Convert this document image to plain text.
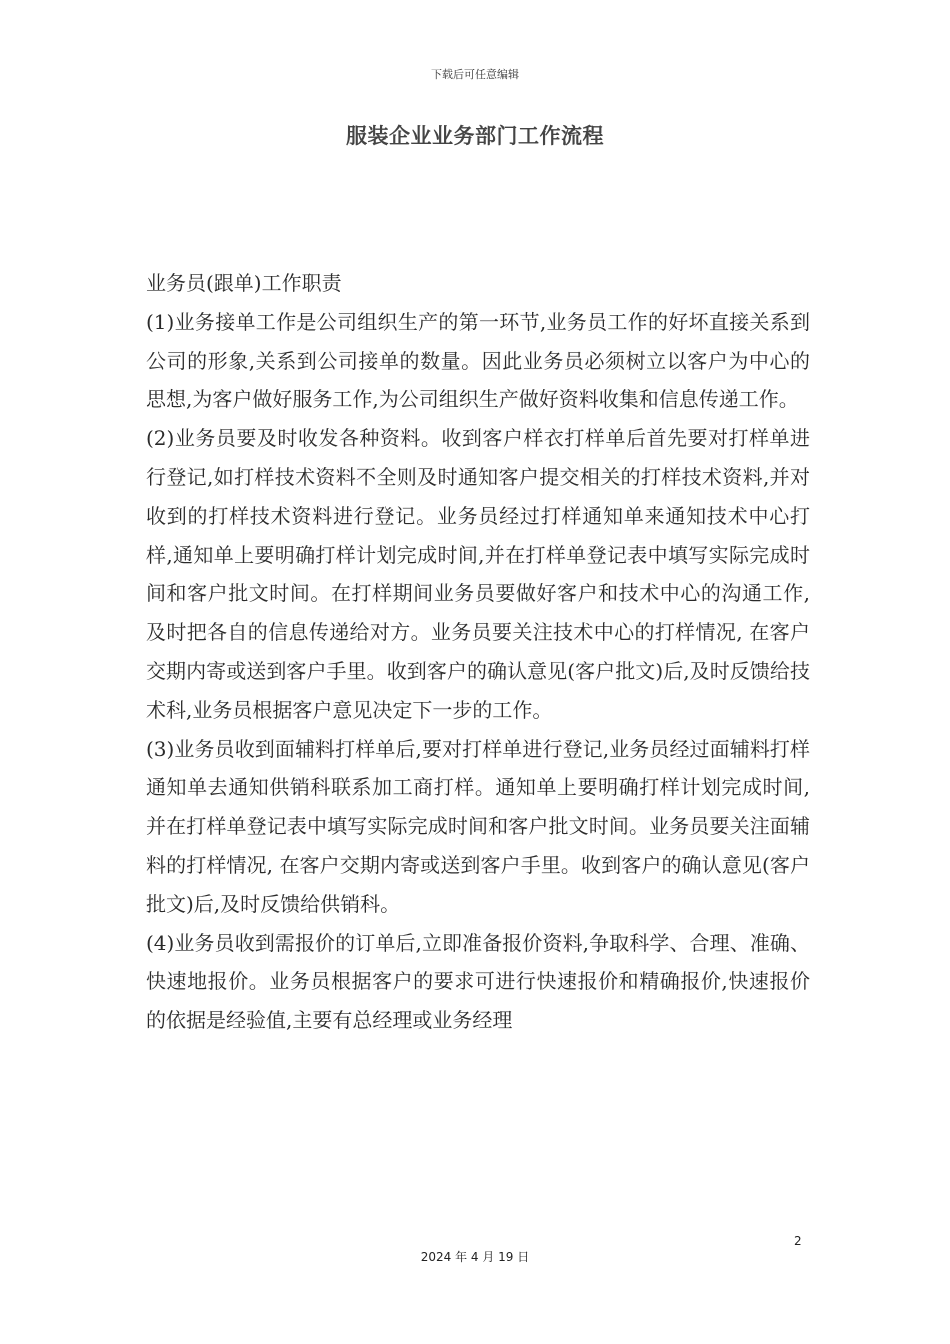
下载后可任意编辑
服装企业业务部门工作流程

业务员(跟单)工作职责

(1)业务接单工作是公司组织生产的第一环节,业务员工作的好坏直接关系到公司的形象,关系到公司接单的数量。因此业务员必须树立以客户为中心的思想,为客户做好服务工作,为公司组织生产做好资料收集和信息传递工作。

(2)业务员要及时收发各种资料。收到客户样衣打样单后首先要对打样单进行登记,如打样技术资料不全则及时通知客户提交相关的打样技术资料,并对收到的打样技术资料进行登记。业务员经过打样通知单来通知技术中心打样,通知单上要明确打样计划完成时间,并在打样单登记表中填写实际完成时间和客户批文时间。在打样期间业务员要做好客户和技术中心的沟通工作,及时把各自的信息传递给对方。业务员要关注技术中心的打样情况, 在客户交期内寄或送到客户手里。收到客户的确认意见(客户批文)后,及时反馈给技术科,业务员根据客户意见决定下一步的工作。

(3)业务员收到面辅料打样单后,要对打样单进行登记,业务员经过面辅料打样通知单去通知供销科联系加工商打样。通知单上要明确打样计划完成时间,并在打样单登记表中填写实际完成时间和客户批文时间。业务员要关注面辅料的打样情况, 在客户交期内寄或送到客户手里。收到客户的确认意见(客户批文)后,及时反馈给供销科。

(4)业务员收到需报价的订单后,立即准备报价资料,争取科学、合理、准确、快速地报价。业务员根据客户的要求可进行快速报价和精确报价,快速报价的依据是经验值,主要有总经理或业务经理

2
2024 年 4 月 19 日
